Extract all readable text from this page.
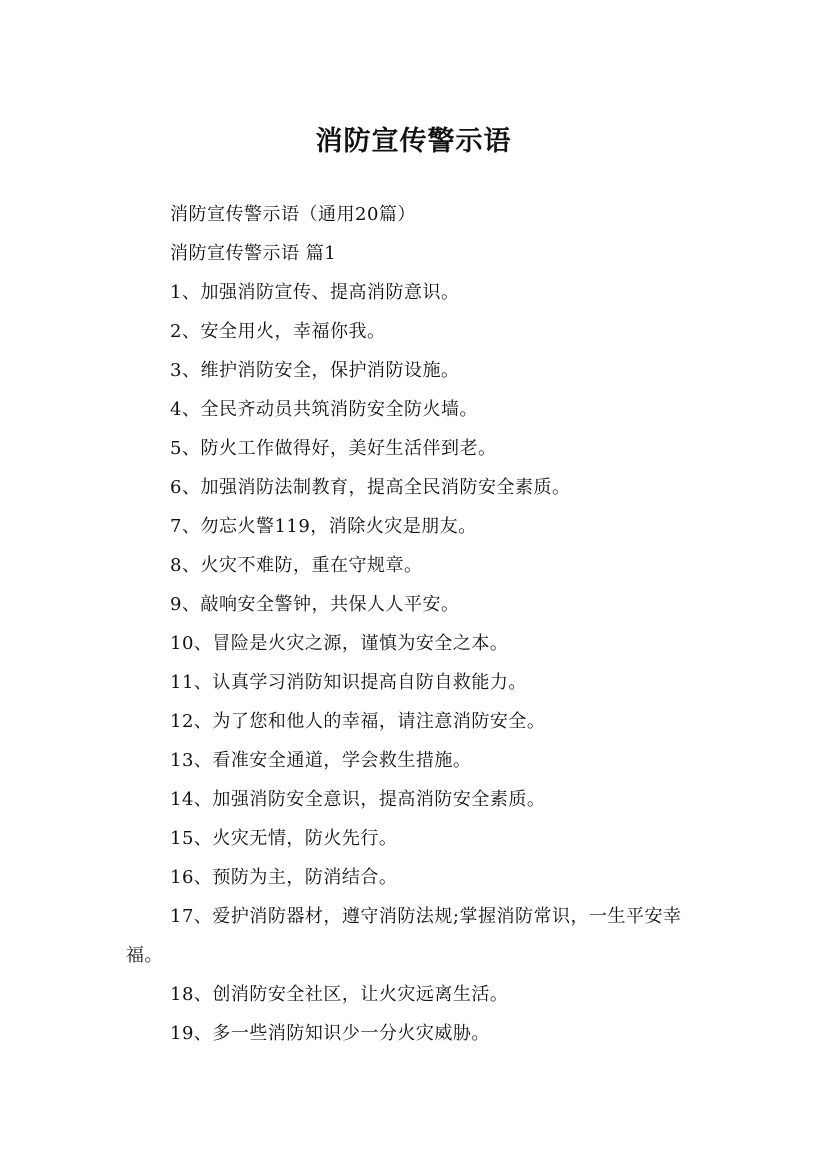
消防宣传警示语

消防宣传警示语（通用20篇）

消防宣传警示语 篇1

1、加强消防宣传、提高消防意识。

2、安全用火，幸福你我。

3、维护消防安全，保护消防设施。

4、全民齐动员共筑消防安全防火墙。

5、防火工作做得好，美好生活伴到老。

6、加强消防法制教育，提高全民消防安全素质。

7、勿忘火警119，消除火灾是朋友。

8、火灾不难防，重在守规章。

9、敲响安全警钟，共保人人平安。

10、冒险是火灾之源，谨慎为安全之本。

11、认真学习消防知识提高自防自救能力。

12、为了您和他人的幸福，请注意消防安全。

13、看准安全通道，学会救生措施。

14、加强消防安全意识，提高消防安全素质。

15、火灾无情，防火先行。

16、预防为主，防消结合。

17、爱护消防器材，遵守消防法规;掌握消防常识，一生平安幸福。

18、创消防安全社区，让火灾远离生活。

19、多一些消防知识少一分火灾威胁。
